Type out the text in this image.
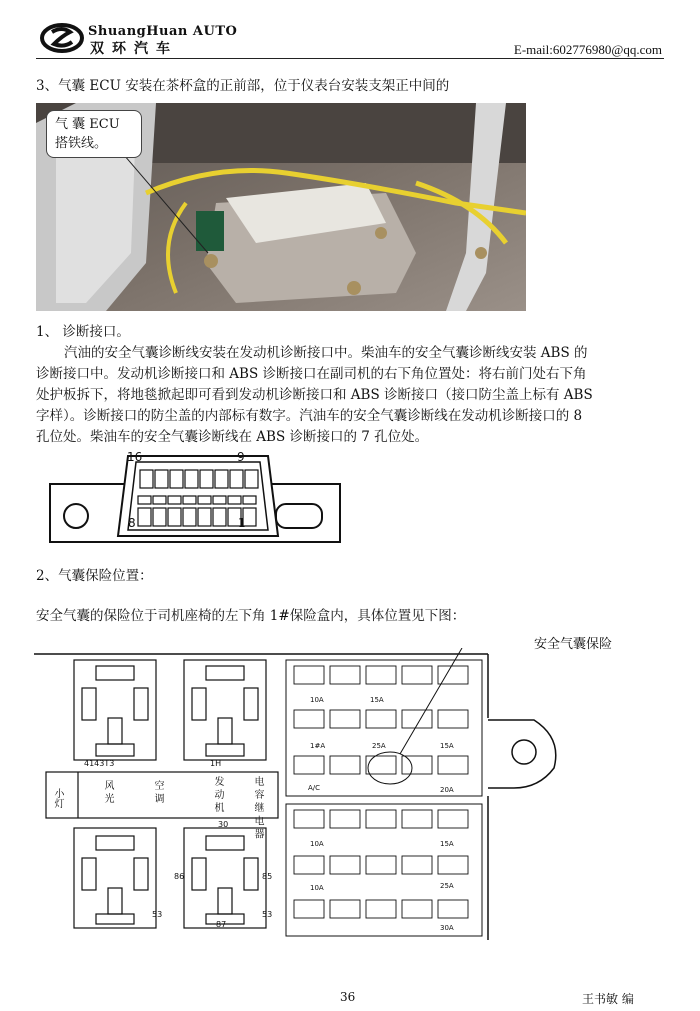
ShuangHuan AUTO
双环汽车	E-mail:602776980@qq.com
3、气囊 ECU 安装在茶杯盒的正前部，位于仪表台安装支架正中间的
气 囊 ECU
搭铁线。
1、 诊断接口。
汽油的安全气囊诊断线安装在发动机诊断接口中。柴油车的安全气囊诊断线安装 ABS 的
诊断接口中。发动机诊断接口和 ABS 诊断接口在副司机的右下角位置处：将右前门处右下角
处护板拆下，将地毯掀起即可看到发动机诊断接口和 ABS 诊断接口（接口防尘盖上标有 ABS
字样）。诊断接口的防尘盖的内部标有数字。汽油车的安全气囊诊断线在发动机诊断接口的 8
孔位处。柴油车的安全气囊诊断线在 ABS 诊断接口的 7 孔位处。
16	9
8	1
2、气囊保险位置：
安全气囊的保险位于司机座椅的左下角 1#保险盒内，具体位置见下图：
安全气囊保险
4143T3	1H
小灯	风 光	空 调	发 动 机	电 容 继 电 器
30
86	85
87
53	53
10A	15A
25A	15A
1#A
A/C
10A	15A
25A
30A
10A
20A
36	王书敏 编
